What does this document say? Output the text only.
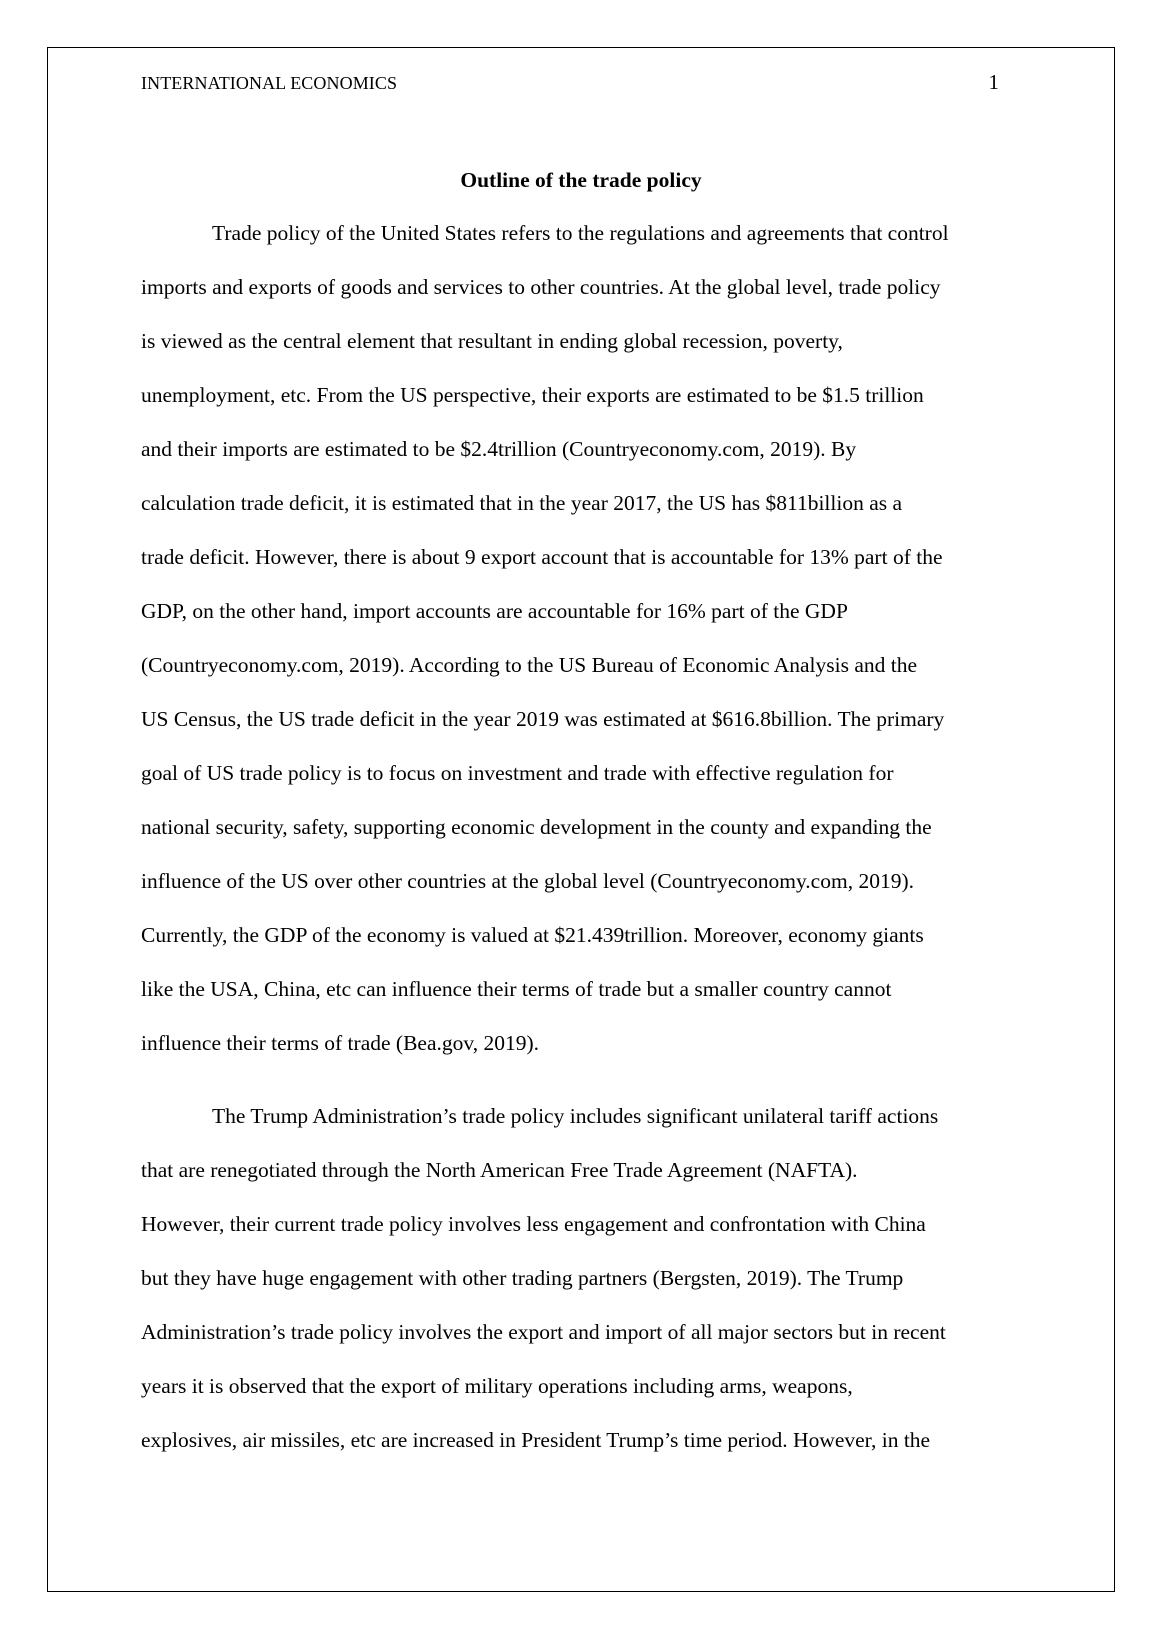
INTERNATIONAL ECONOMICS	1
Outline of the trade policy

Trade policy of the United States refers to the regulations and agreements that control
imports and exports of goods and services to other countries. At the global level, trade policy
is viewed as the central element that resultant in ending global recession, poverty,
unemployment, etc. From the US perspective, their exports are estimated to be $1.5 trillion
and their imports are estimated to be $2.4trillion (Countryeconomy.com, 2019). By
calculation trade deficit, it is estimated that in the year 2017, the US has $811billion as a
trade deficit. However, there is about 9 export account that is accountable for 13% part of the
GDP, on the other hand, import accounts are accountable for 16% part of the GDP
(Countryeconomy.com, 2019). According to the US Bureau of Economic Analysis and the
US Census, the US trade deficit in the year 2019 was estimated at $616.8billion. The primary
goal of US trade policy is to focus on investment and trade with effective regulation for
national security, safety, supporting economic development in the county and expanding the
influence of the US over other countries at the global level (Countryeconomy.com, 2019).
Currently, the GDP of the economy is valued at $21.439trillion. Moreover, economy giants
like the USA, China, etc can influence their terms of trade but a smaller country cannot
influence their terms of trade (Bea.gov, 2019).

The Trump Administration’s trade policy includes significant unilateral tariff actions
that are renegotiated through the North American Free Trade Agreement (NAFTA).
However, their current trade policy involves less engagement and confrontation with China
but they have huge engagement with other trading partners (Bergsten, 2019). The Trump
Administration’s trade policy involves the export and import of all major sectors but in recent
years it is observed that the export of military operations including arms, weapons,
explosives, air missiles, etc are increased in President Trump’s time period. However, in the
